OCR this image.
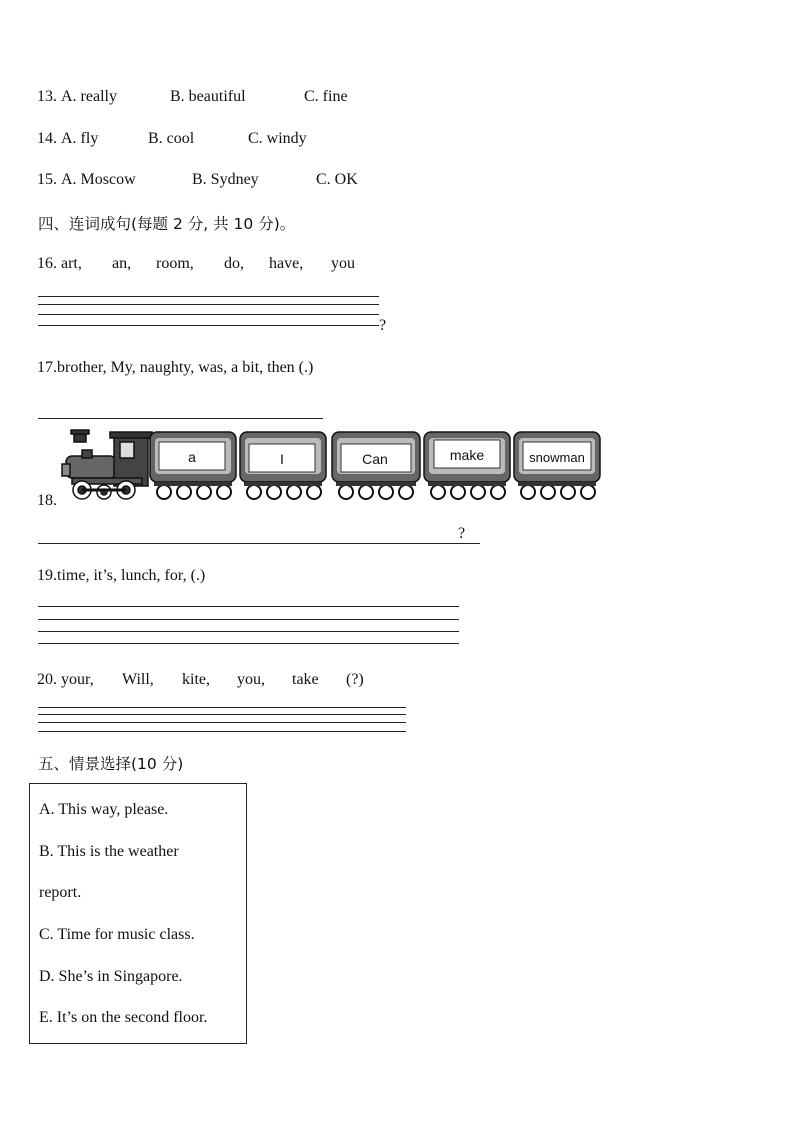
13. A. really	B. beautiful	C. fine
14. A. fly	B. cool	C. windy
15. A. Moscow	B. Sydney	C. OK
四、连词成句(每题 2 分, 共 10 分)。
16. art, an, room, do, have, you
?
17.brother, My, naughty, was, a bit, then (.)
18.
a	I	Can	make	snowman
?
19.time, it’s, lunch, for, (.)
20. your, Will, kite, you, take (?)
五、情景选择(10 分)
A. This way, please.
B. This is the weather
report.
C. Time for music class.
D. She’s in Singapore.
E. It’s on the second floor.
